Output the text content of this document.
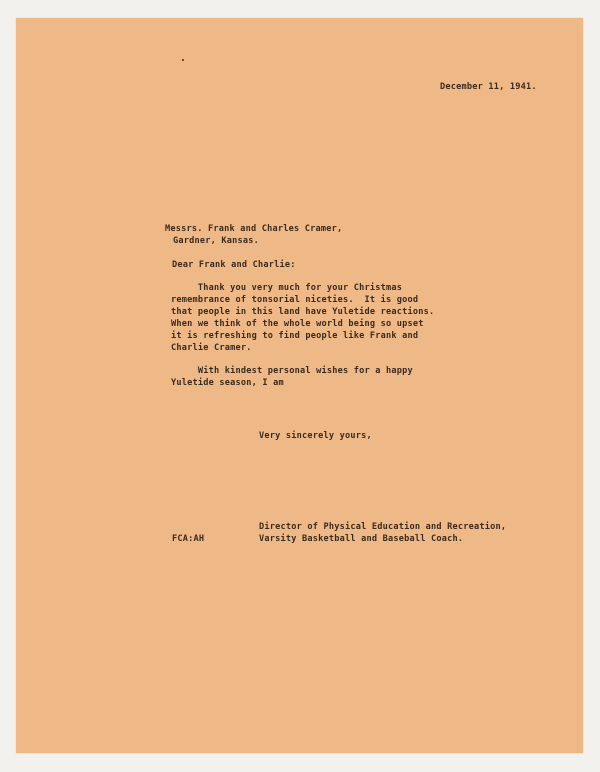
December 11, 1941.

Messrs. Frank and Charles Cramer,

Gardner, Kansas.

Dear Frank and Charlie:

Thank you very much for your Christmas

remembrance of tonsorial niceties.  It is good

that people in this land have Yuletide reactions.

When we think of the whole world being so upset

it is refreshing to find people like Frank and

Charlie Cramer.

With kindest personal wishes for a happy

Yuletide season, I am

Very sincerely yours,

Director of Physical Education and Recreation,

Varsity Basketball and Baseball Coach.

FCA:AH
